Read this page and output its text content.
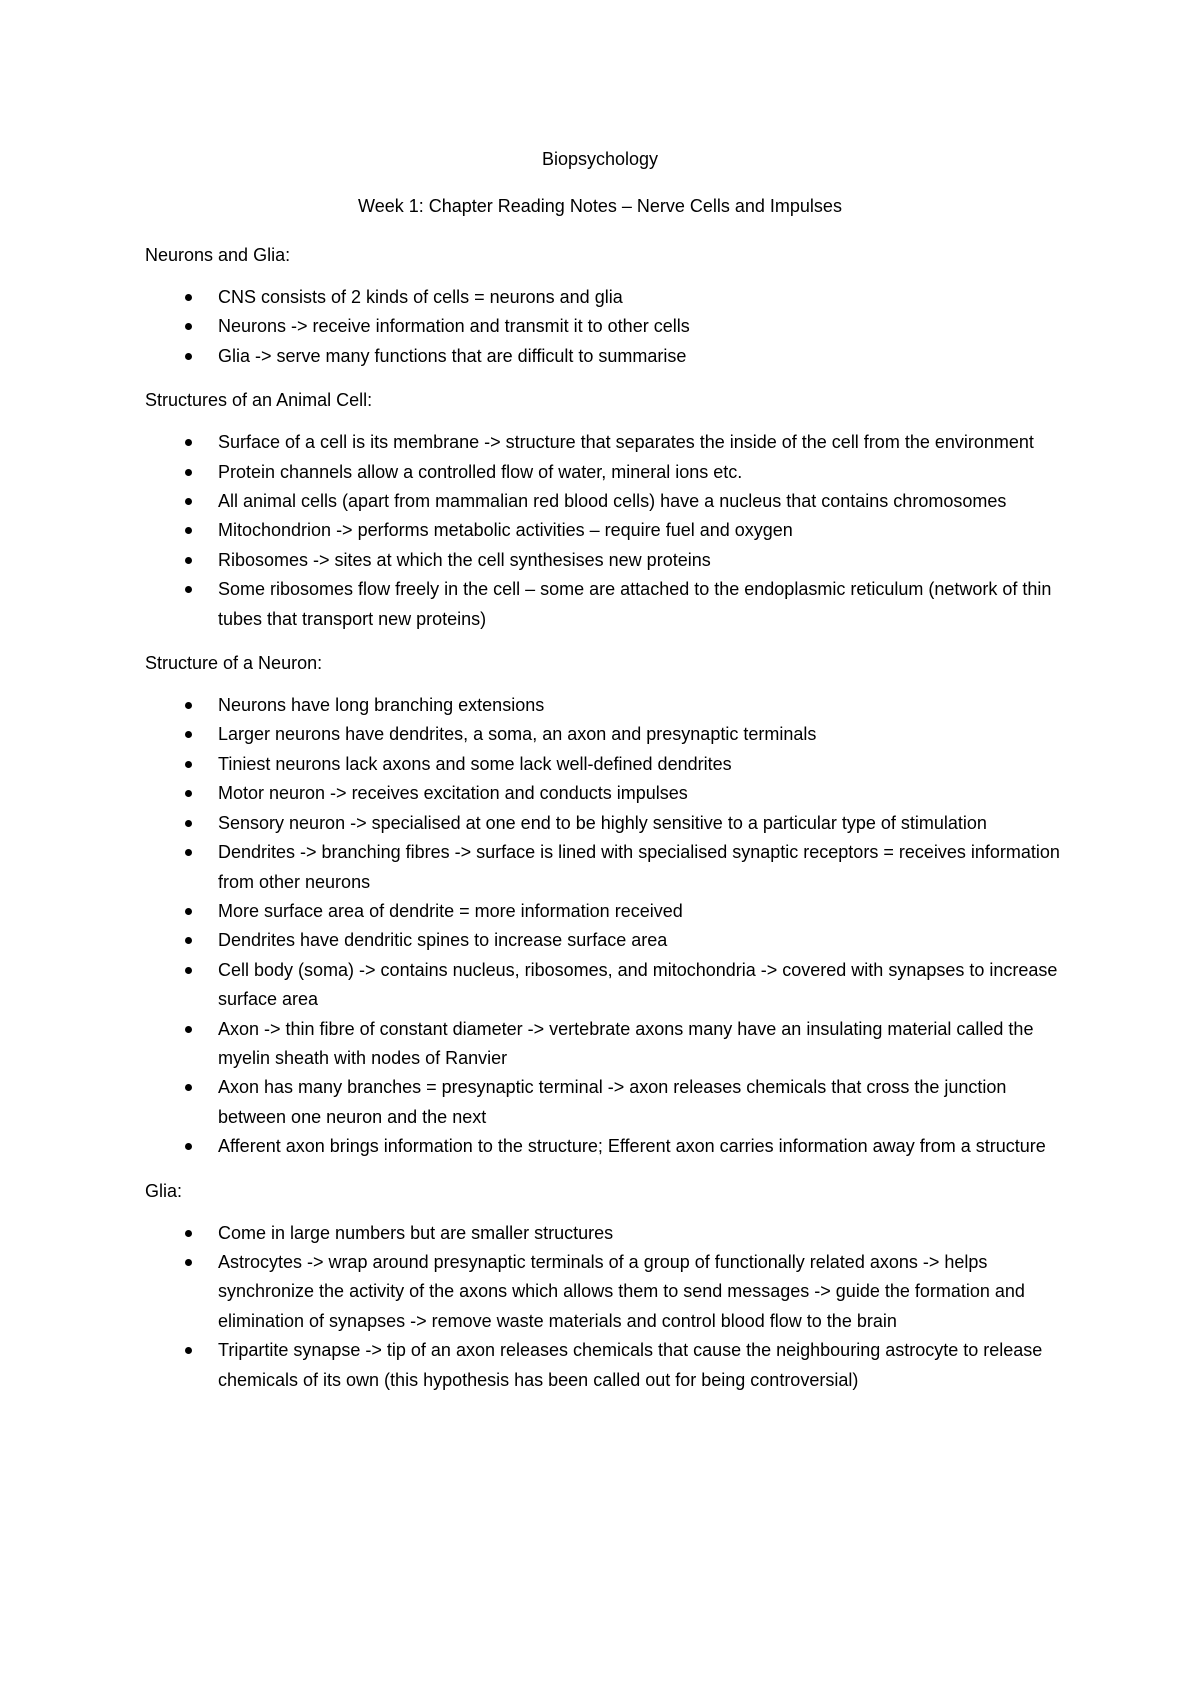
Biopsychology
Week 1: Chapter Reading Notes – Nerve Cells and Impulses
Neurons and Glia:
CNS consists of 2 kinds of cells = neurons and glia
Neurons -> receive information and transmit it to other cells
Glia -> serve many functions that are difficult to summarise
Structures of an Animal Cell:
Surface of a cell is its membrane -> structure that separates the inside of the cell from the environment
Protein channels allow a controlled flow of water, mineral ions etc.
All animal cells (apart from mammalian red blood cells) have a nucleus that contains chromosomes
Mitochondrion -> performs metabolic activities – require fuel and oxygen
Ribosomes -> sites at which the cell synthesises new proteins
Some ribosomes flow freely in the cell – some are attached to the endoplasmic reticulum (network of thin tubes that transport new proteins)
Structure of a Neuron:
Neurons have long branching extensions
Larger neurons have dendrites, a soma, an axon and presynaptic terminals
Tiniest neurons lack axons and some lack well-defined dendrites
Motor neuron -> receives excitation and conducts impulses
Sensory neuron -> specialised at one end to be highly sensitive to a particular type of stimulation
Dendrites -> branching fibres -> surface is lined with specialised synaptic receptors = receives information from other neurons
More surface area of dendrite = more information received
Dendrites have dendritic spines to increase surface area
Cell body (soma) -> contains nucleus, ribosomes, and mitochondria -> covered with synapses to increase surface area
Axon -> thin fibre of constant diameter -> vertebrate axons many have an insulating material called the myelin sheath with nodes of Ranvier
Axon has many branches = presynaptic terminal -> axon releases chemicals that cross the junction between one neuron and the next
Afferent axon brings information to the structure; Efferent axon carries information away from a structure
Glia:
Come in large numbers but are smaller structures
Astrocytes -> wrap around presynaptic terminals of a group of functionally related axons -> helps synchronize the activity of the axons which allows them to send messages -> guide the formation and elimination of synapses -> remove waste materials and control blood flow to the brain
Tripartite synapse -> tip of an axon releases chemicals that cause the neighbouring astrocyte to release chemicals of its own (this hypothesis has been called out for being controversial)
